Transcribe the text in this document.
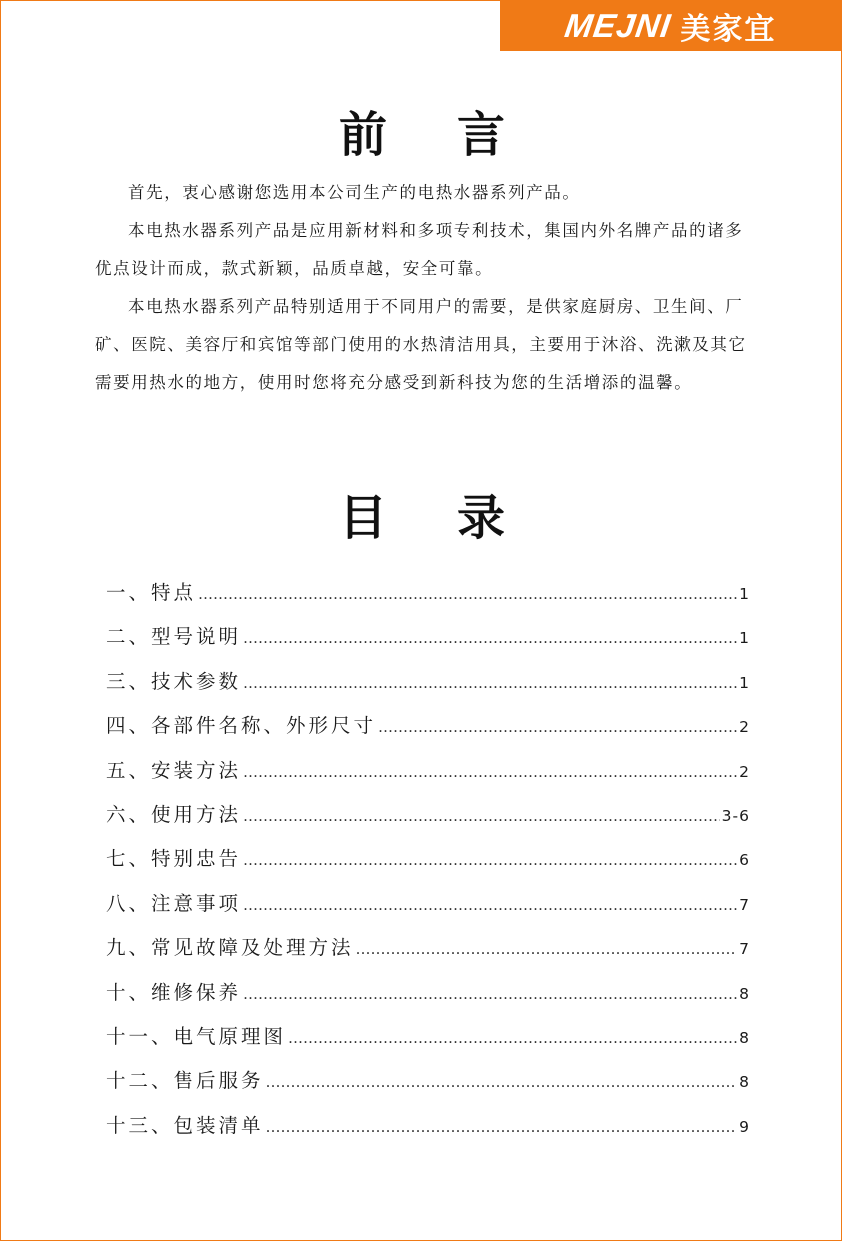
MEJNI 美家宜
前言

首先，衷心感谢您选用本公司生产的电热水器系列产品。

本电热水器系列产品是应用新材料和多项专利技术，集国内外名牌产品的诸多优点设计而成，款式新颖，品质卓越，安全可靠。

本电热水器系列产品特别适用于不同用户的需要，是供家庭厨房、卫生间、厂矿、医院、美容厅和宾馆等部门使用的水热清洁用具，主要用于沐浴、洗漱及其它需要用热水的地方，使用时您将充分感受到新科技为您的生活增添的温馨。

目录
一、特点 ……………………………………………………………………………………………………………………………………………………………………	1
二、型号说明 ……………………………………………………………………………………………………………………………………………………………………	1
三、技术参数 ……………………………………………………………………………………………………………………………………………………………………	1
四、各部件名称、外形尺寸 ……………………………………………………………………………………………………………………………………………………………………	2
五、安装方法 ……………………………………………………………………………………………………………………………………………………………………	2
六、使用方法 ……………………………………………………………………………………………………………………………………………………………………	3-6
七、特别忠告 ……………………………………………………………………………………………………………………………………………………………………	6
八、注意事项 ……………………………………………………………………………………………………………………………………………………………………	7
九、常见故障及处理方法 ……………………………………………………………………………………………………………………………………………………………………	7
十、维修保养 ……………………………………………………………………………………………………………………………………………………………………	8
十一、电气原理图 ……………………………………………………………………………………………………………………………………………………………………	8
十二、售后服务 ……………………………………………………………………………………………………………………………………………………………………	8
十三、包装清单 ……………………………………………………………………………………………………………………………………………………………………	9
